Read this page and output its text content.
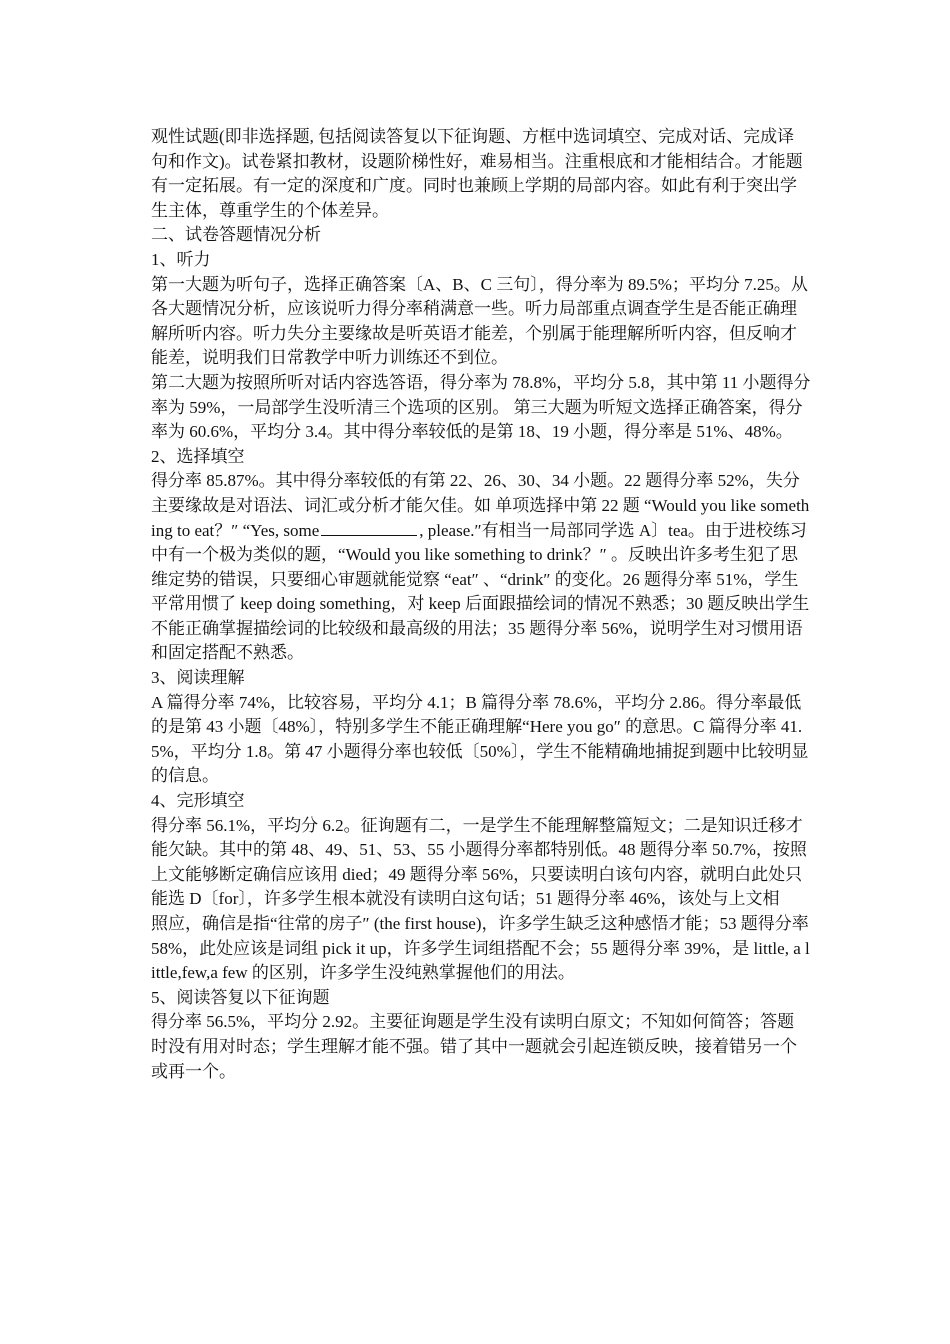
观性试题(即非选择题, 包括阅读答复以下征询题、方框中选词填空、完成对话、完成译句和作文)。试卷紧扣教材，设题阶梯性好，难易相当。注重根底和才能相结合。才能题有一定拓展。有一定的深度和广度。同时也兼顾上学期的局部内容。如此有利于突出学生主体，尊重学生的个体差异。

二、试卷答题情况分析

1、听力

第一大题为听句子，选择正确答案〔A、B、C 三句〕，得分率为 89.5%；平均分 7.25。从各大题情况分析，应该说听力得分率稍满意一些。听力局部重点调查学生是否能正确理解所听内容。听力失分主要缘故是听英语才能差，个别属于能理解所听内容，但反响才能差，说明我们日常教学中听力训练还不到位。

第二大题为按照所听对话内容选答语，得分率为 78.8%，平均分 5.8，其中第 11 小题得分率为 59%，一局部学生没听清三个选项的区别。 第三大题为听短文选择正确答案，得分率为 60.6%，平均分 3.4。其中得分率较低的是第 18、19 小题，得分率是 51%、48%。

2、选择填空

得分率 85.87%。其中得分率较低的有第 22、26、30、34 小题。22 题得分率 52%，失分主要缘故是对语法、词汇或分析才能欠佳。如 单项选择中第 22 题 “Would you like something to eat？″ “Yes, some	, please.″有相当一局部同学选 A〕tea。由于进校练习中有一个极为类似的题，“Would you like something to drink？″ 。反映出许多考生犯了思维定势的错误，只要细心审题就能觉察 “eat″ 、“drink″ 的变化。26 题得分率 51%，学生平常用惯了 keep doing something，对 keep 后面跟描绘词的情况不熟悉；30 题反映出学生不能正确掌握描绘词的比较级和最高级的用法；35 题得分率 56%，说明学生对习惯用语和固定搭配不熟悉。

3、阅读理解

A 篇得分率 74%，比较容易，平均分 4.1；B 篇得分率 78.6%，平均分 2.86。得分率最低的是第 43 小题〔48%〕，特别多学生不能正确理解“Here you go″ 的意思。C 篇得分率 41.5%，平均分 1.8。第 47 小题得分率也较低〔50%〕，学生不能精确地捕捉到题中比较明显的信息。

4、完形填空

得分率 56.1%，平均分 6.2。征询题有二，一是学生不能理解整篇短文；二是知识迁移才能欠缺。其中的第 48、49、51、53、55 小题得分率都特别低。48 题得分率 50.7%，按照上文能够断定确信应该用 died；49 题得分率 56%，只要读明白该句内容，就明白此处只能选 D〔for〕，许多学生根本就没有读明白这句话；51 题得分率 46%，该处与上文相

照应，确信是指“往常的房子″ (the first house)，许多学生缺乏这种感悟才能；53 题得分率 58%，此处应该是词组 pick it up，许多学生词组搭配不会；55 题得分率 39%，是 little, a little,few,a few 的区别，许多学生没纯熟掌握他们的用法。

5、阅读答复以下征询题

得分率 56.5%，平均分 2.92。主要征询题是学生没有读明白原文；不知如何简答；答题时没有用对时态；学生理解才能不强。错了其中一题就会引起连锁反映，接着错另一个或再一个。
